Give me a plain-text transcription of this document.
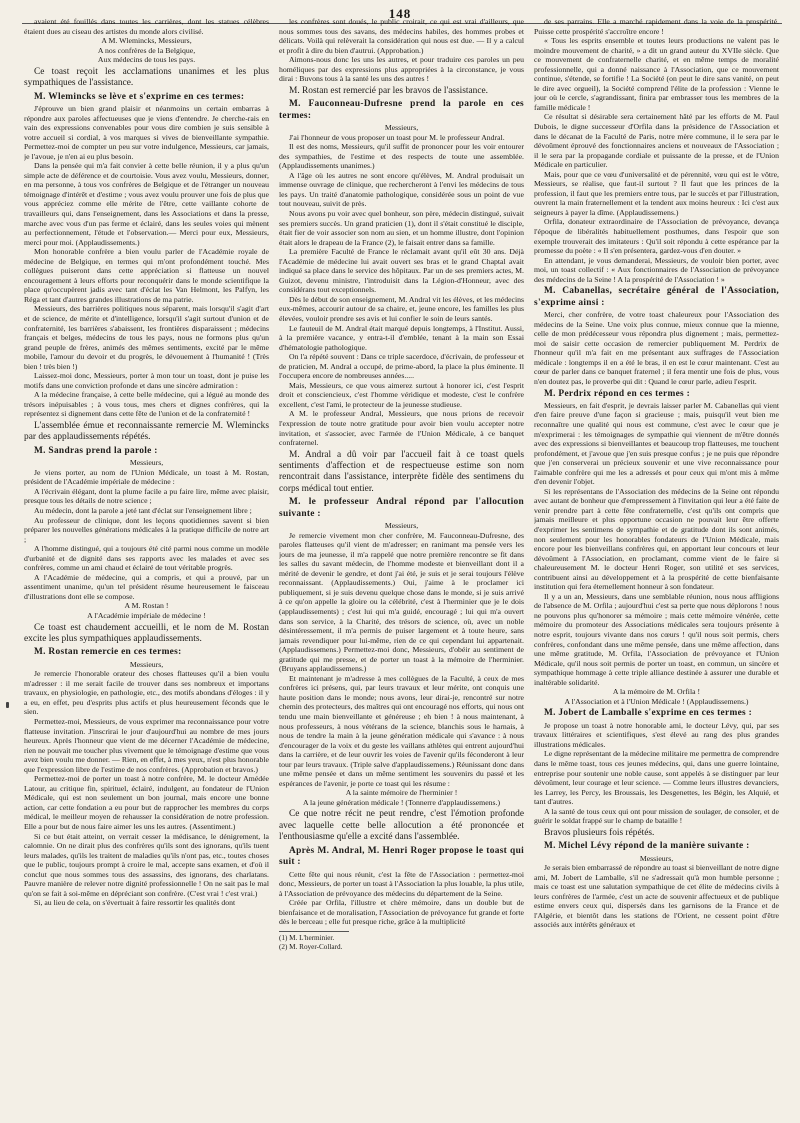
148

avaient été fouillés dans toutes les carrières, dont les statues célèbres étaient dues au ciseau des artistes du monde alors civilisé.

A M. Wlemincks, Messieurs,

A nos confrères de la Belgique,

Aux médecins de tous les pays.

Ce toast reçoit les acclamations unanimes et les plus sympathiques de l'assistance.

M. Wlemincks se lève et s'exprime en ces termes:

J'éprouve un bien grand plaisir et néanmoins un certain embarras à répondre aux paroles affectueuses que je viens d'entendre. Je cherche-rais en vain des expressions convenables pour vous dire combien je suis sensible à votre accueil si cordial, à vos marques si vives de bienveillante sympathie. Permettez-moi de compter un peu sur votre indulgence, Messieurs, car jamais, je l'avoue, je n'en ai eu plus besoin.

Dans la pensée qui m'a fait convier à cette belle réunion, il y a plus qu'un simple acte de déférence et de courtoisie. Vous avez voulu, Messieurs, donner, en ma personne, à tous vos confrères de Belgique et de l'étranger un nouveau témoignage d'intérêt et d'estime ; vous avez voulu prouver une fois de plus que vous appréciez comme elle mérite de l'être, cette vaillante cohorte de travailleurs qui, dans l'enseignement, dans les Associations et dans la presse, marche avec vous d'un pas ferme et éclairé, dans les seules voies qui mènent au perfectionnement, l'étude et l'observation.— Merci pour eux, Messieurs, merci pour moi. (Applaudissements.)

Mon honorable confrère a bien voulu parler de l'Académie royale de médecine de Belgique, en termes qui m'ont profondément touché. Mes collègues puiseront dans cette appréciation si flatteuse un nouvel encouragement à leurs efforts pour reconquérir dans le monde scientifique la place qu'occupèrent jadis avec tant d'éclat les Van Helmont, les Palfyn, les Réga et tant d'autres grandes illustrations de ma patrie.

Messieurs, des barrières politiques nous séparent, mais lorsqu'il s'agit d'art et de science, de mérite et d'intelligence, lorsqu'il s'agit surtout d'union et de confraternité, les barrières s'abaissent, les frontières disparaissent ; médecins français et belges, médecins de tous les pays, nous ne formons plus qu'un grand peuple de frères, animés des mêmes sentiments, excité par le même mobile, l'amour du devoir et du progrès, le dévouement à l'humanité ! (Très bien ! très bien !)

Laissez-moi donc, Messieurs, porter à mon tour un toast, dont je puise les motifs dans une conviction profonde et dans une sincère admiration :

A la médecine française, à cette belle médecine, qui a légué au monde des trésors inépuisables ; à vous tous, mes chers et dignes confrères, qui la représentez si dignement dans cette fête de l'union et de la confraternité !

L'assemblée émue et reconnaissante remercie M. Wlemincks par des applaudissements répétés.

M. Sandras prend la parole :

Messieurs,

Je viens porter, au nom de l'Union Médicale, un toast à M. Rostan, président de l'Académie impériale de médecine :

A l'écrivain élégant, dont la plume facile a pu faire lire, même avec plaisir, presque tous les détails de notre science ;

Au médecin, dont la parole a jeté tant d'éclat sur l'enseignement libre ;

Au professeur de clinique, dont les leçons quotidiennes savent si bien préparer les nouvelles générations médicales à la pratique difficile de notre art ;

A l'homme distingué, qui a toujours été cité parmi nous comme un modèle d'urbanité et de dignité dans ses rapports avec les malades et avec ses confrères, comme un ami chaud et éclairé de tout véritable progrès.

A l'Académie de médecine, qui a compris, et qui a prouvé, par un assentiment unanime, qu'un tel président résume heureusement le faisceau d'illustrations dont elle se compose.

A M. Rostan !

A l'Académie impériale de médecine !

Ce toast est chaudement accueilli, et le nom de M. Rostan excite les plus sympathiques applaudissements.

M. Rostan remercie en ces termes:

Messieurs,

Je remercie l'honorable orateur des choses flatteuses qu'il a bien voulu m'adresser : il me serait facile de trouver dans ses nombreux et importans travaux, en physiologie, en pathologie, etc., des motifs abondans d'éloges : il y a eu, en effet, peu d'esprits plus actifs et plus heureusement féconds que le sien.

Permettez-moi, Messieurs, de vous exprimer ma reconnaissance pour votre flatteuse invitation. J'inscrirai le jour d'aujourd'hui au nombre de mes jours heureux. Après l'honneur que vient de me décerner l'Académie de médecine, rien ne pouvait me toucher plus vivement que le témoignage d'estime que vous avez bien voulu me donner. — Rien, en effet, à mes yeux, n'est plus honorable que l'expression libre de l'estime de nos confrères. (Approbation et bravos.)

Permettez-moi de porter un toast à notre confrère, M. le docteur Amédée Latour, au critique fin, spirituel, éclairé, indulgent, au fondateur de l'Union Médicale, qui est non seulement un bon journal, mais encore une bonne action, car cette fondation a eu pour but de rapprocher les membres du corps médical, le meilleur moyen de rehausser la considération de notre profession. Elle a pour but de nous faire aimer les uns les autres. (Assentiment.)

Si ce but était atteint, on verrait cesser la médisance, le dénigrement, la calomnie. On ne dirait plus des confrères qu'ils sont des ignorans, qu'ils tuent leurs malades, qu'ils les traitent de maladies qu'ils n'ont pas, etc., toutes choses que le public, toujours prompt à croire le mal, accepte sans examen, et d'où il conclut que nous sommes tous des assassins, des ignorans, des charlatans. Pauvre manière de relever notre dignité professionnelle ! On ne sait pas le mal qu'on se fait à soi-même en dépréciant son confrère. (C'est vrai ! c'est vrai.)

Si, au lieu de cela, on s'évertuait à faire ressortir les qualités dont

les confrères sont doués, le public croirait, ce qui est vrai d'ailleurs, que nous sommes tous des savans, des médecins habiles, des hommes probes et délicats. Voilà qui relèverait la considération qui nous est due. — Il y a calcul et profit à dire du bien d'autrui. (Approbation.)

Aimons-nous donc les uns les autres, et pour traduire ces paroles un peu homéliques par des expressions plus appropriées à la circonstance, je vous dirai : Buvons tous à la santé les uns des autres !

M. Rostan est remercié par les bravos de l'assistance.

M. Fauconneau-Dufresne prend la parole en ces termes:

Messieurs,

J'ai l'honneur de vous proposer un toast pour M. le professeur Andral.

Il est des noms, Messieurs, qu'il suffit de prononcer pour les voir entourer des sympathies, de l'estime et des respects de toute une assemblée. (Applaudissements unanimes.)

A l'âge où les autres ne sont encore qu'élèves, M. Andral produisait un immense ouvrage de clinique, que rechercheront à l'envi les médecins de tous les pays. Un traité d'anatomie pathologique, considérée sous un point de vue tout nouveau, suivit de près.

Nous avons pu voir avec quel bonheur, son père, médecin distingué, suivait ses premiers succès. Un grand praticien (1), dont il s'était constitué le disciple, était fier de voir associer son nom au sien, et un homme illustre, dont l'opinion était alors le drapeau de la France (2), le faisait entrer dans sa famille.

La première Faculté de France le réclamait avant qu'il eût 30 ans. Déjà l'Académie de médecine lui avait ouvert ses bras et le grand Chaptal avait indiqué sa place dans le service des hôpitaux. Par un de ses premiers actes, M. Guizot, devenu ministre, l'introduisit dans la Légion-d'Honneur, avec des considérans tout exceptionnels.

Dès le début de son enseignement, M. Andral vit les élèves, et les médecins eux-mêmes, accourir autour de sa chaire, et, jeune encore, les familles les plus élevées, vouloir prendre ses avis et lui confier le soin de leurs santés.

Le fauteuil de M. Andral était marqué depuis longtemps, à l'Institut. Aussi, à la première vacance, y entra-t-il d'emblée, tenant à la main son Essai d'hématologie pathologique.

On l'a répété souvent : Dans ce triple sacerdoce, d'écrivain, de professeur et de praticien, M. Andral a occupé, de prime-abord, la place la plus éminente. Il l'occupera encore de nombreuses années.....

Mais, Messieurs, ce que vous aimerez surtout à honorer ici, c'est l'esprit droit et consciencieux, c'est l'homme véridique et modeste, c'est le confrère excellent, c'est l'ami, le protecteur de la jeunesse studieuse.

A M. le professeur Andral, Messieurs, que nous prions de recevoir l'expression de toute notre gratitude pour avoir bien voulu accepter notre invitation, et s'associer, avec l'armée de l'Union Médicale, à ce banquet confraternel.

M. Andral a dû voir par l'accueil fait à ce toast quels sentiments d'affection et de respectueuse estime son nom rencontrait dans l'assistance, interprète fidèle des sentimens du corps médical tout entier.

M. le professeur Andral répond par l'allocution suivante :

Messieurs,

Je remercie vivement mon cher confrère, M. Fauconneau-Dufresne, des paroles flatteuses qu'il vient de m'adresser; en ranimant ma pensée vers les jours de ma jeunesse, il m'a rappelé que notre première rencontre se fit dans les salles du savant médecin, de l'homme modeste et bienveillant dont il a mérité de devenir le gendre, et dont j'ai été, je suis et je serai toujours l'élève reconnaissant. (Applaudissements.) Oui, j'aime à le proclamer ici publiquement, si je suis devenu quelque chose dans le monde, si je suis arrivé à ce qu'on appelle la gloire ou la célébrité, c'est à l'herminier que je le dois (applaudissements) ; c'est lui qui m'a guidé, encouragé ; lui qui m'a ouvert dans son service, à la Charité, des trésors de science, où, avec un noble désintéressement, il m'a permis de puiser largement et à toute heure, sans jamais revendiquer pour lui-même, rien de ce qui cependant lui appartenait. (Applaudissemens.) Permettez-moi donc, Messieurs, d'obéir au sentiment de gratitude qui me presse, et de porter un toast à la mémoire de l'herminier. (Bruyans applaudissemens.)

Et maintenant je m'adresse à mes collègues de la Faculté, à ceux de mes confrères ici présens, qui, par leurs travaux et leur mérite, ont conquis une haute position dans le monde; nous avons, leur dirai-je, rencontré sur notre chemin des protecteurs, des maîtres qui ont encouragé nos efforts, qui nous ont tendu une main bienveillante et généreuse ; eh bien ! à nous maintenant, à nous professeurs, à nous vétérans de la science, blanchis sous le harnais, à nous de tendre la main à la jeune génération médicale qui s'avance : à nous d'encourager de la voix et du geste les vaillans athlètes qui entrent aujourd'hui dans la carrière, et de leur ouvrir les voies de l'avenir qu'ils féconderont à leur tour par leurs travaux. (Triple salve d'applaudissemens.) Réunissant donc dans une même pensée et dans un même sentiment les souvenirs du passé et les espérances de l'avenir, je porte ce toast qui les résume :

A la sainte mémoire de l'herminier !

A la jeune génération médicale ! (Tonnerre d'applaudissemens.)

Ce que notre récit ne peut rendre, c'est l'émotion profonde avec laquelle cette belle allocution a été prononcée et l'enthousiasme qu'elle a excité dans l'assemblée.

Après M. Andral, M. Henri Roger propose le toast qui suit :

Cette fête qui nous réunit, c'est la fête de l'Association : permettez-moi donc, Messieurs, de porter un toast à l'Association la plus louable, la plus utile, à l'Association de prévoyance des médecins du département de la Seine.

Créée par Orfila, l'illustre et chère mémoire, dans un double but de bienfaisance et de moralisation, l'Association de prévoyance fut grande et forte dès le berceau ; elle fut presque riche, grâce à la multiplicité

(1) M. L'herminier.

(2) M. Royer-Collard.

de ses parrains. Elle a marché rapidement dans la voie de la prospérité. Puisse cette prospérité s'accroître encore !

« Tous les esprits ensemble et toutes leurs productions ne valent pas le moindre mouvement de charité, » a dit un grand auteur du XVIIe siècle. Que ce mouvement de confraternelle charité, et en même temps de moralité professionnelle, qui a donné naissance à l'Association, que ce mouvement continue, s'étende, se fortifie ! La Société (on peut le dire sans vanité, on peut le dire avec orgueil), la Société comprend l'élite de la profession : Vienne le jour où le cercle, s'agrandissant, finira par embrasser tous les membres de la famille médicale !

Ce résultat si désirable sera certainement hâté par les efforts de M. Paul Dubois, le digne successeur d'Orfila dans la présidence de l'Association et dans le décanat de la Faculté de Paris, notre mère commune, il le sera par le dévoûment éprouvé des fonctionnaires anciens et nouveaux de l'Association ; il le sera par la propagande cordiale et puissante de la presse, et de l'Union Médicale en particulier.

Mais, pour que ce vœu d'universalité et de pérennité, vœu qui est le vôtre, Messieurs, se réalise, que faut-il surtout ? Il faut que les princes de la profession, il faut que les premiers entre tous, par le succès et par l'illustration, ouvrent la main fraternellement et la tendent aux moins heureux : Ici c'est aux seigneurs à payer la dîme. (Applaudissemens.)

Orfila, donateur extraordinaire de l'Association de prévoyance, devança l'époque de libéralités habituellement posthumes, dans l'espoir que son exemple trouverait des imitateurs : Qu'il soit répondu à cette espérance par la promesse du poète : « Il s'en présentera, gardez-vous d'en douter. »

En attendant, je vous demanderai, Messieurs, de vouloir bien porter, avec moi, un toast collectif : « Aux fonctionnaires de l'Association de prévoyance des médecins de la Seine ! A la prospérité de l'Association ! »

M. Cabanellas, secrétaire général de l'Association, s'exprime ainsi :

Merci, cher confrère, de votre toast chaleureux pour l'Association des médecins de la Seine. Une voix plus connue, mieux connue que la mienne, celle de mon prédécesseur vous répondra plus dignement ; mais, permettez-moi de saisir cette occasion de remercier publiquement M. Perdrix de l'honneur qu'il m'a fait en me présentant aux suffrages de l'Association médicale : longtemps il en a été le bras, il en est le cœur maintenant. C'est au cœur de parler dans ce banquet fraternel ; il fera mentir une fois de plus, vous n'en doutez pas, le proverbe qui dit : Quand le cœur parle, adieu l'esprit.

M. Perdrix répond en ces termes :

Messieurs, en fait d'esprit, je devrais laisser parler M. Cabanellas qui vient d'en faire preuve d'une façon si gracieuse ; mais, puisqu'il veut bien me reconnaître une qualité qui nous est commune, c'est avec le cœur que je m'exprimerai : les témoignages de sympathie qui viennent de m'être donnés avec des expressions si bienveillantes et beaucoup trop flatteuses, me touchent profondément, et j'avoue que j'en suis presque confus ; je ne puis que répondre que j'en conserverai un précieux souvenir et une vive reconnaissance pour l'aimable confrère qui me les a adressés et pour ceux qui m'ont mis à même d'en devenir l'objet.

Si les représentans de l'Association des médecins de la Seine ont répondu avec autant de bonheur que d'empressement à l'invitation qui leur a été faite de venir prendre part à cette fête confraternelle, c'est qu'ils ont compris que jamais meilleure et plus opportune occasion ne pouvait leur être offerte d'exprimer les sentimens de sympathie et de gratitude dont ils sont animés, non seulement pour les honorables fondateurs de l'Union Médicale, mais encore pour les bienveillans confrères qui, en apportant leur concours et leur dévoûment à l'Association, en proclamant, comme vient de le faire si chaleureusement M. le docteur Henri Roger, son utilité et ses services, contribuent ainsi au développement et à la prospérité de cette bienfaisante institution qui fera éternellement honneur à son fondateur.

Il y a un an, Messieurs, dans une semblable réunion, nous nous affligions de l'absence de M. Orfila ; aujourd'hui c'est sa perte que nous déplorons ! nous ne pouvons plus qu'honorer sa mémoire ; mais cette mémoire vénérée, cette mémoire du promoteur des Associations médicales sera toujours présente à notre esprit, toujours vivante dans nos cœurs ! qu'il nous soit permis, chers confrères, confondant dans une même pensée, dans une même affection, dans une même gratitude, M. Orfila, l'Association de prévoyance et l'Union Médicale, qu'il nous soit permis de porter un toast, en commun, un sincère et sympathique hommage à cette triple alliance destinée à assurer une durable et inaltérable solidarité.

A la mémoire de M. Orfila !

A l'Association et à l'Union Médicale ! (Applaudissemens.)

M. Jobert de Lamballe s'exprime en ces termes :

Je propose un toast à notre honorable ami, le docteur Lévy, qui, par ses travaux littéraires et scientifiques, s'est élevé au rang des plus grandes illustrations médicales.

Le digne représentant de la médecine militaire me permettra de comprendre dans le même toast, tous ces jeunes médecins, qui, dans une guerre lointaine, entreprise pour soutenir une noble cause, sont appelés à se distinguer par leur dévoûment, leur courage et leur science. — Comme leurs illustres devanciers, les Larrey, les Percy, les Broussais, les Desgenettes, les Bégin, les Alquié, et tant d'autres.

A la santé de tous ceux qui ont pour mission de soulager, de consoler, et de guérir le soldat frappé sur le champ de bataille !

Bravos plusieurs fois répétés.

M. Michel Lévy répond de la manière suivante :

Messieurs,

Je serais bien embarrassé de répondre au toast si bienveillant de notre digne ami, M. Jobert de Lamballe, s'il ne s'adressait qu'à mon humble personne ; mais ce toast est une salutation sympathique de cet élite de médecins civils à leurs confrères de l'armée, c'est un acte de souvenir affectueux et de publique estime envers ceux qui, dispersés dans les garnisons de la France et de l'Algérie, et bientôt dans les stations de l'Orient, ne cessent point d'être associés aux intérêts généraux et
